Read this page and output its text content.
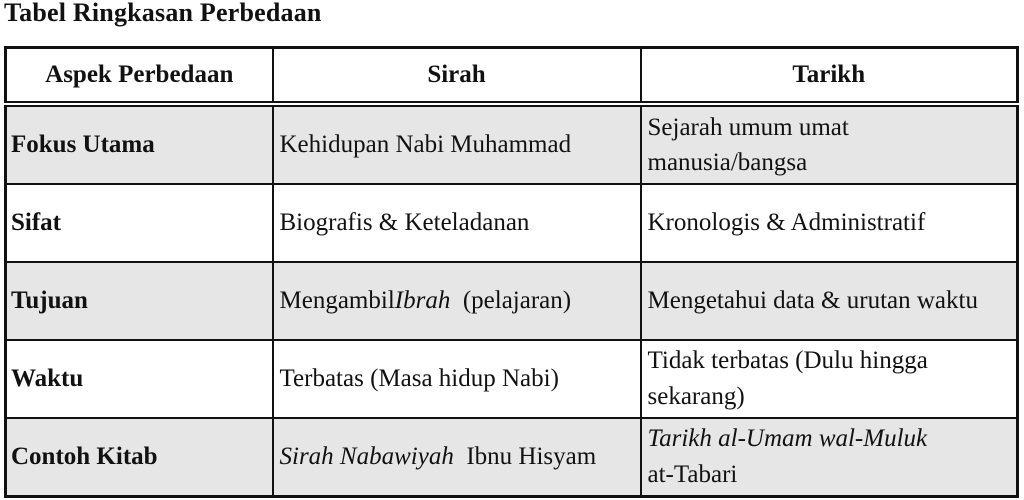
Tabel Ringkasan Perbedaan
Aspek Perbedaan	Sirah	Tarikh
Fokus Utama	Kehidupan Nabi Muhammad	Sejarah umum umat manusia/bangsa
Sifat	Biografis & Keteladanan	Kronologis & Administratif
Tujuan	MengambilIbrah (pelajaran)	Mengetahui data & urutan waktu
Waktu	Terbatas (Masa hidup Nabi)	Tidak terbatas (Dulu hingga sekarang)
Contoh Kitab	Sirah Nabawiyah Ibnu Hisyam	Tarikh al-Umam wal-Muluk
at-Tabari
